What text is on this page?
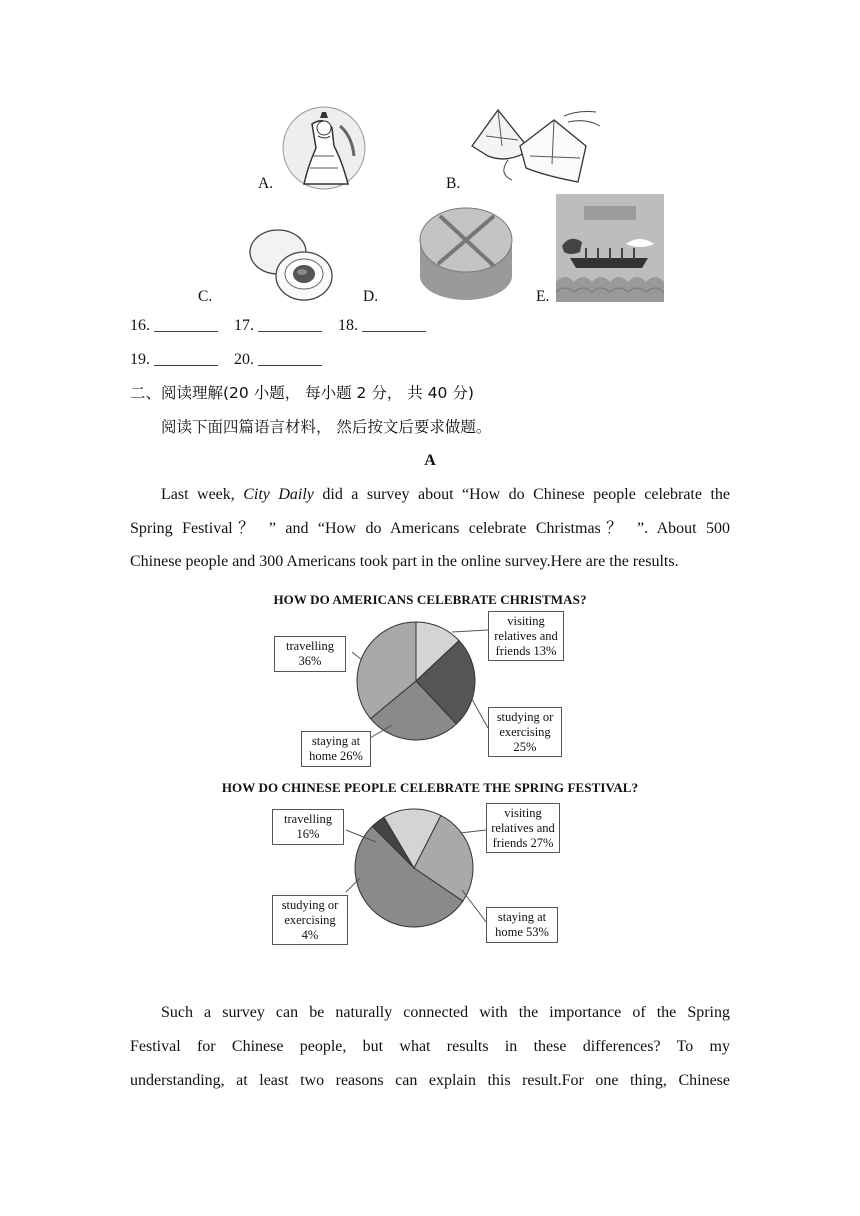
A.	B.
C.	D.	E.
16. ________    17. ________    18. ________
19. ________    20. ________
二、阅读理解(20 小题， 每小题 2 分， 共 40 分)
阅读下面四篇语言材料， 然后按文后要求做题。
A
Last week, City Daily did a survey about “How do Chinese people celebrate the
Spring Festival？ ” and “How do Americans celebrate Christmas？ ”. About 500
Chinese people and 300 Americans took part in the online survey.Here are the results.
HOW DO AMERICANS CELEBRATE CHRISTMAS?
visiting
relatives and
friends 13%
studying or
exercising
25%
staying at
home 26%
travelling
36%
HOW DO CHINESE PEOPLE CELEBRATE THE SPRING FESTIVAL?
visiting
relatives and
friends 27%
staying at
home 53%
studying or
exercising
4%
travelling
16%
Such a survey can be naturally connected with the importance of the Spring
Festival for Chinese people, but what results in these differences? To my
understanding, at least two reasons can explain this result.For one thing, Chinese
